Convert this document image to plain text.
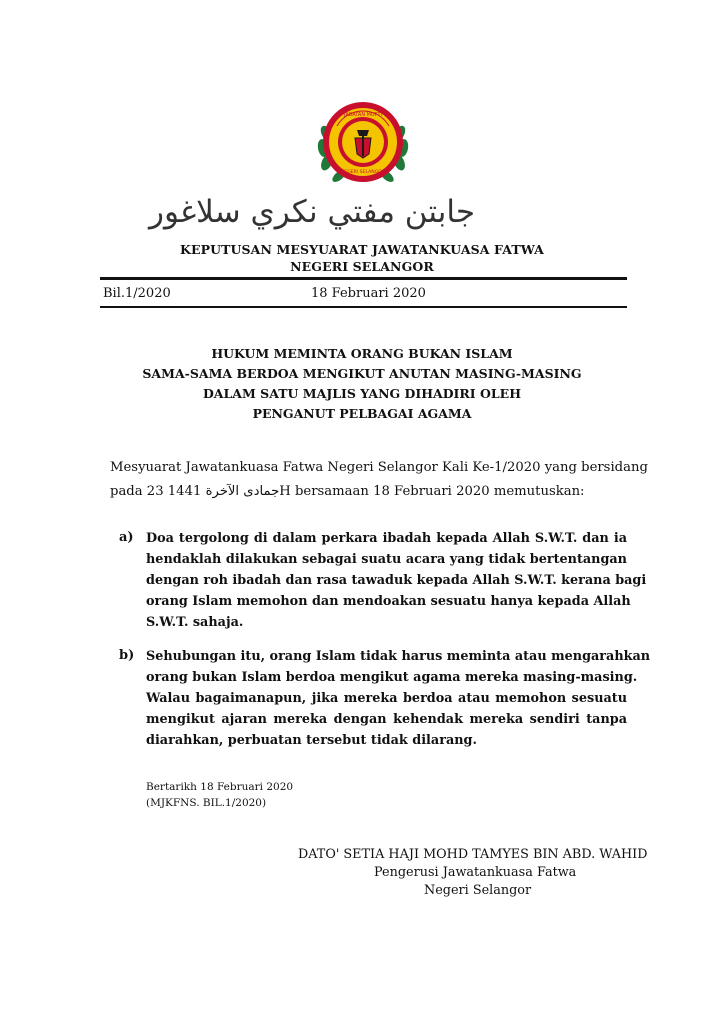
JABATAN MUFTI
NEGERI SELANGOR
جابتن مفتي نکري سلاغور
KEPUTUSAN MESYUARAT JAWATANKUASA FATWA
NEGERI SELANGOR
Bil.1/2020	18 Februari 2020
HUKUM MEMINTA ORANG BUKAN ISLAM
SAMA-SAMA BERDOA MENGIKUT ANUTAN MASING-MASING
DALAM SATU MAJLIS YANG DIHADIRI OLEH
PENGANUT PELBAGAI AGAMA
Mesyuarat Jawatankuasa Fatwa Negeri Selangor Kali Ke-1/2020 yang bersidang
pada 23	جمادى الآخرة 1441H bersamaan 18 Februari 2020 memutuskan:
a) Doa tergolong di dalam perkara ibadah kepada Allah S.W.T. dan ia
hendaklah dilakukan sebagai suatu acara yang tidak bertentangan
dengan roh ibadah dan rasa tawaduk kepada Allah S.W.T. kerana bagi
orang Islam memohon dan mendoakan sesuatu hanya kepada Allah
S.W.T. sahaja.
b) Sehubungan itu, orang Islam tidak harus meminta atau mengarahkan
orang bukan Islam berdoa mengikut agama mereka masing-masing.
Walau bagaimanapun, jika mereka berdoa atau memohon sesuatu
mengikut ajaran mereka dengan kehendak mereka sendiri tanpa
diarahkan, perbuatan tersebut tidak dilarang.
Bertarikh 18 Februari 2020
(MJKFNS. BIL.1/2020)
DATO' SETIA HAJI MOHD TAMYES BIN ABD. WAHID
Pengerusi Jawatankuasa Fatwa
Negeri Selangor
